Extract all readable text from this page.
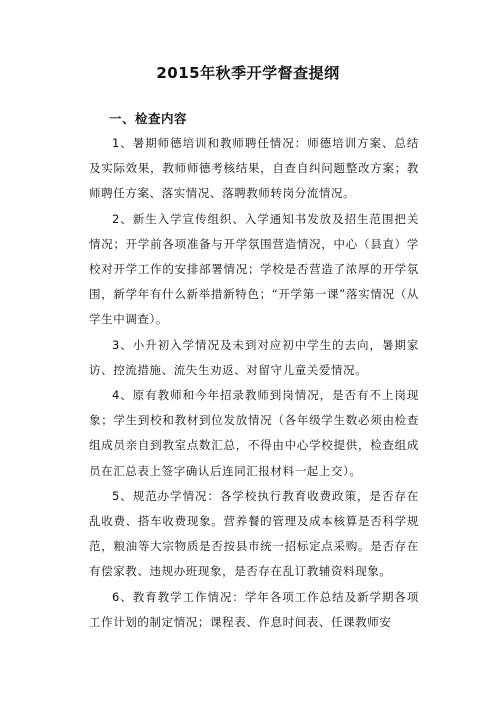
2015年秋季开学督查提纲

一、检查内容

1、暑期师德培训和教师聘任情况：师德培训方案、总结及实际效果，教师师德考核结果，自查自纠问题整改方案；教师聘任方案、落实情况、落聘教师转岗分流情况。

2、新生入学宣传组织、入学通知书发放及招生范围把关情况；开学前各项准备与开学氛围营造情况，中心（县直）学校对开学工作的安排部署情况；学校是否营造了浓厚的开学氛围，新学年有什么新举措新特色；“开学第一课”落实情况（从学生中调查）。

3、小升初入学情况及未到对应初中学生的去向，暑期家访、控流措施、流失生劝返、对留守儿童关爱情况。

4、原有教师和今年招录教师到岗情况，是否有不上岗现象；学生到校和教材到位发放情况（各年级学生数必须由检查组成员亲自到教室点数汇总，不得由中心学校提供，检查组成员在汇总表上签字确认后连同汇报材料一起上交）。

5、规范办学情况：各学校执行教育收费政策，是否存在乱收费、搭车收费现象。营养餐的管理及成本核算是否科学规范，粮油等大宗物质是否按县市统一招标定点采购。是否存在有偿家教、违规办班现象，是否存在乱订教辅资料现象。

6、教育教学工作情况：学年各项工作总结及新学期各项工作计划的制定情况；课程表、作息时间表、任课教师安
